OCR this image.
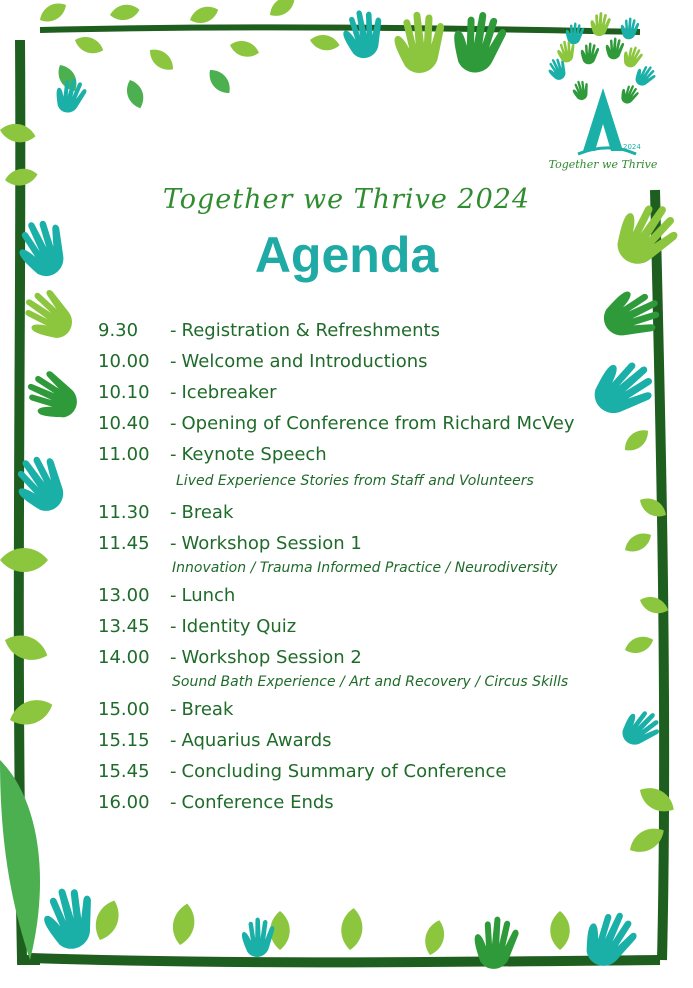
2024
Together we Thrive
Together we Thrive 2024
Agenda
9.30 - Registration & Refreshments
10.00 - Welcome and Introductions
10.10 - Icebreaker
10.40 - Opening of Conference from Richard McVey
11.00 - Keynote Speech
Lived Experience Stories from Staff and Volunteers
11.30 - Break
11.45 - Workshop Session 1
Innovation / Trauma Informed Practice / Neurodiversity
13.00 - Lunch
13.45 - Identity Quiz
14.00 - Workshop Session 2
Sound Bath Experience / Art and Recovery / Circus Skills
15.00 - Break
15.15 - Aquarius Awards
15.45 - Concluding Summary of Conference
16.00 - Conference Ends
